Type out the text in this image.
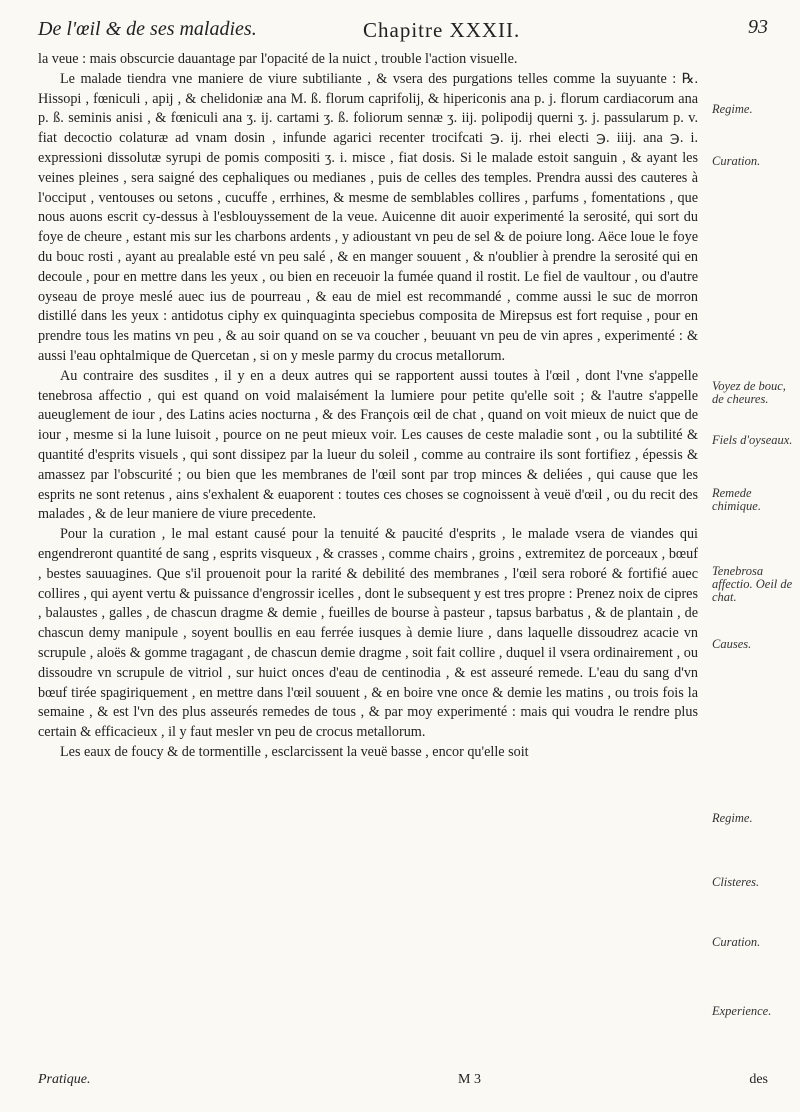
De l'œil & de ses maladies.	Chapitre XXXII.	93

la veue : mais obscurcie dauantage par l'opacité de la nuict , trouble l'action visuelle.

Le malade tiendra vne maniere de viure subtiliante , & vsera des purgations telles comme la suyuante : ℞. Hissopi , fœniculi , apij , & chelidoniæ ana M. ß. florum caprifolij, & hipericonis ana p. j. florum cardiacorum ana p. ß. seminis anisi , & fœniculi ana ʒ. ij. cartami ʒ. ß. foliorum sennæ ʒ. iij. polipodij querni ʒ. j. passularum p. v. fiat decoctio colaturæ ad vnam dosin , infunde agarici recenter trocifcati ℈. ij. rhei electi ℈. iiij. ana ℈. i. expressioni dissolutæ syrupi de pomis compositi ʒ. i. misce , fiat dosis. Si le malade estoit sanguin , & ayant les veines pleines , sera saigné des cephaliques ou medianes , puis de celles des temples. Prendra aussi des cauteres à l'occiput , ventouses ou setons , cucuffe , errhines, & mesme de semblables collires , parfums , fomentations , que nous auons escrit cy-dessus à l'esblouyssement de la veue. Auicenne dit auoir experimenté la serosité, qui sort du foye de cheure , estant mis sur les charbons ardents , y adioustant vn peu de sel & de poiure long. Aëce loue le foye du bouc rosti , ayant au prealable esté vn peu salé , & en manger souuent , & n'oublier à prendre la serosité qui en decoule , pour en mettre dans les yeux , ou bien en receuoir la fumée quand il rostit. Le fiel de vaultour , ou d'autre oyseau de proye meslé auec ius de pourreau , & eau de miel est recommandé , comme aussi le suc de morron distillé dans les yeux : antidotus ciphy ex quinquaginta speciebus composita de Mirepsus est fort requise , pour en prendre tous les matins vn peu , & au soir quand on se va coucher , beuuant vn peu de vin apres , experimenté : & aussi l'eau ophtalmique de Quercetan , si on y mesle parmy du crocus metallorum.

Au contraire des susdites , il y en a deux autres qui se rapportent aussi toutes à l'œil , dont l'vne s'appelle tenebrosa affectio , qui est quand on void malaisément la lumiere pour petite qu'elle soit ; & l'autre s'appelle aueuglement de iour , des Latins acies nocturna , & des François œil de chat , quand on voit mieux de nuict que de iour , mesme si la lune luisoit , pource on ne peut mieux voir. Les causes de ceste maladie sont , ou la subtilité & quantité d'esprits visuels , qui sont dissipez par la lueur du soleil , comme au contraire ils sont fortifiez , épessis & amassez par l'obscurité ; ou bien que les membranes de l'œil sont par trop minces & deliées , qui cause que les esprits ne sont retenus , ains s'exhalent & euaporent : toutes ces choses se cognoissent à veuë d'œil , ou du recit des malades , & de leur maniere de viure precedente.

Pour la curation , le mal estant causé pour la tenuité & paucité d'esprits , le malade vsera de viandes qui engendreront quantité de sang , esprits visqueux , & crasses , comme chairs , groins , extremitez de porceaux , bœuf , bestes sauuagines. Que s'il prouenoit pour la rarité & debilité des membranes , l'œil sera roboré & fortifié auec collires , qui ayent vertu & puissance d'engrossir icelles , dont le subsequent y est tres propre : Prenez noix de cipres , balaustes , galles , de chascun dragme & demie , fueilles de bourse à pasteur , tapsus barbatus , & de plantain , de chascun demy manipule , soyent boullis en eau ferrée iusques à demie liure , dans laquelle dissoudrez acacie vn scrupule , aloës & gomme tragagant , de chascun demie dragme , soit fait collire , duquel il vsera ordinairement , ou dissoudre vn scrupule de vitriol , sur huict onces d'eau de centinodia , & est asseuré remede. L'eau du sang d'vn bœuf tirée spagiriquement , en mettre dans l'œil souuent , & en boire vne once & demie les matins , ou trois fois la semaine , & est l'vn des plus asseurés remedes de tous , & par moy experimenté : mais qui voudra le rendre plus certain & efficacieux , il y faut mesler vn peu de crocus metallorum.

Les eaux de foucy & de tormentille , esclarcissent la veuë basse , encor qu'elle soit

Regime.
Curation.
Voyez de bouc, de cheures.
Fiels d'oyseaux.
Remede chimique.
Tenebrosa affectio. Oeil de chat.
Causes.
Regime.
Clisteres.
Curation.
Experience.
Pratique.	M 3	des
